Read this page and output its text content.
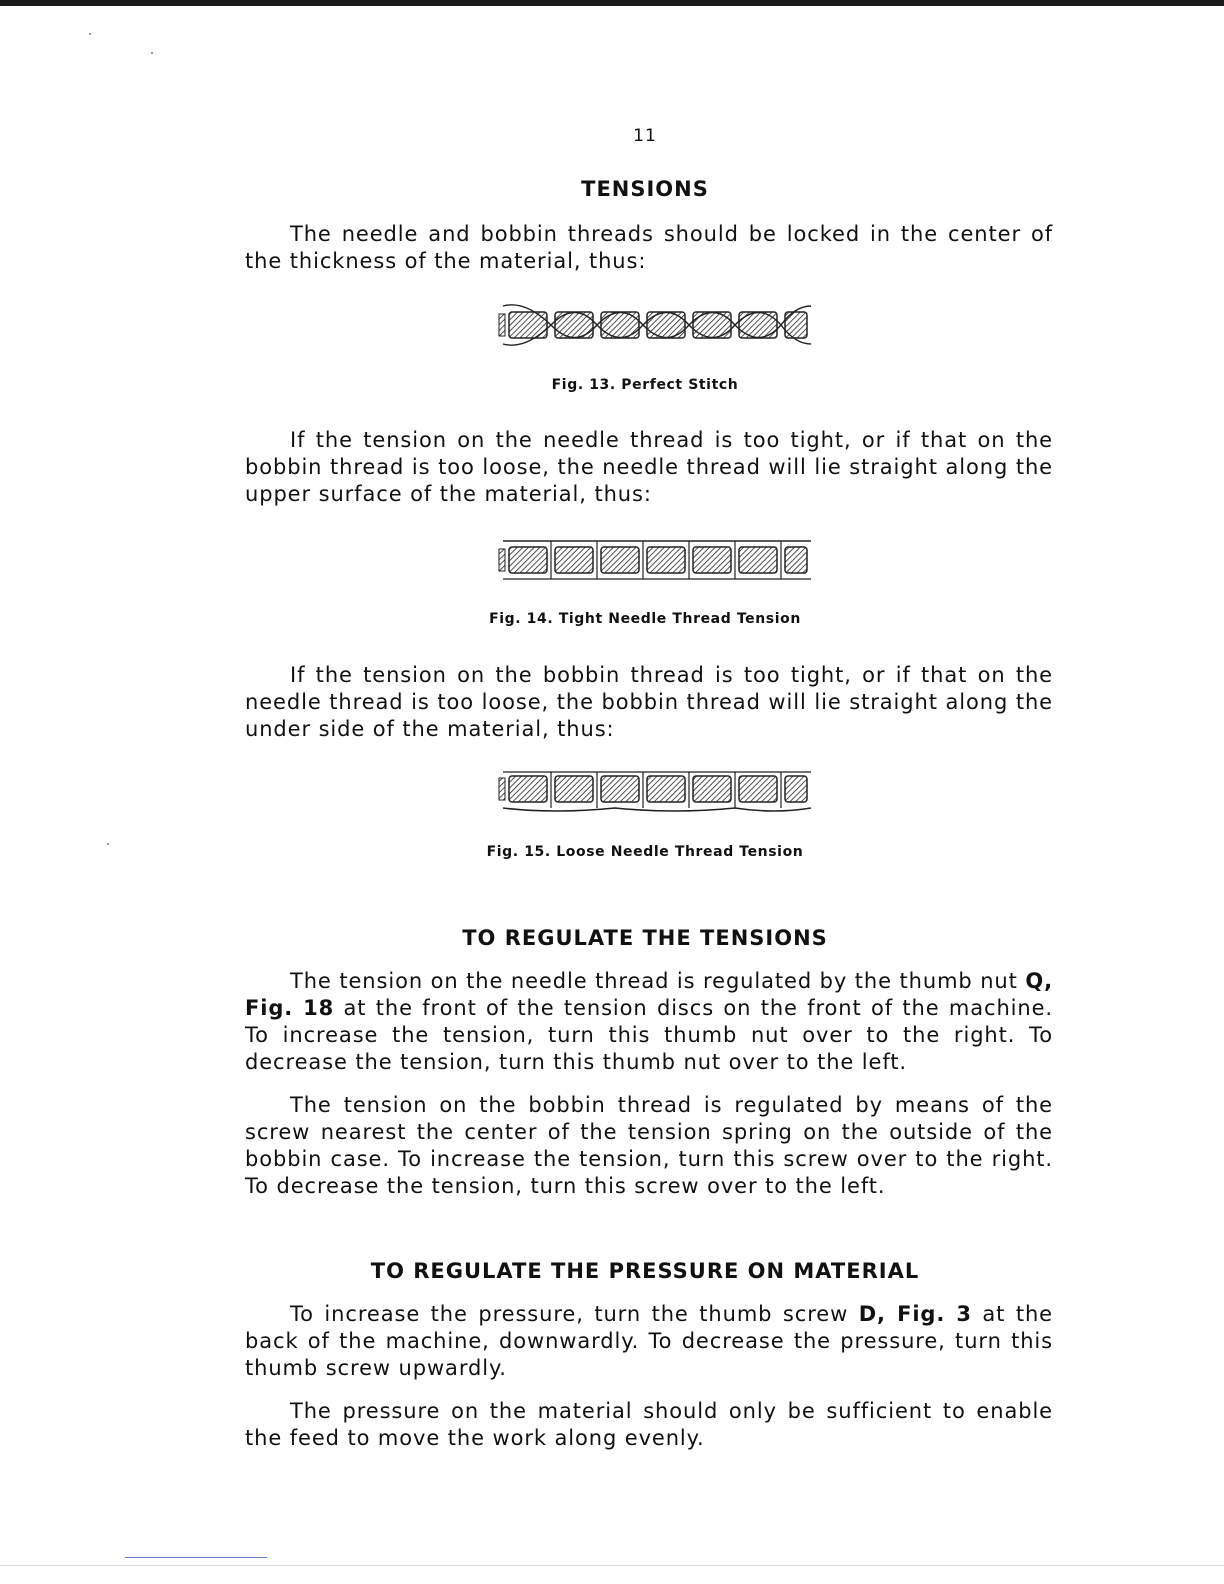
11
TENSIONS

The needle and bobbin threads should be locked in the center of the thickness of the material, thus:

Fig. 13. Perfect Stitch

If the tension on the needle thread is too tight, or if that on the bobbin thread is too loose, the needle thread will lie straight along the upper surface of the material, thus:

Fig. 14. Tight Needle Thread Tension

If the tension on the bobbin thread is too tight, or if that on the needle thread is too loose, the bobbin thread will lie straight along the under side of the material, thus:

Fig. 15. Loose Needle Thread Tension
TO REGULATE THE TENSIONS

The tension on the needle thread is regulated by the thumb nut Q, Fig. 18 at the front of the tension discs on the front of the machine. To increase the tension, turn this thumb nut over to the right. To decrease the tension, turn this thumb nut over to the left.

The tension on the bobbin thread is regulated by means of the screw nearest the center of the tension spring on the outside of the bobbin case. To increase the tension, turn this screw over to the right. To decrease the tension, turn this screw over to the left.

TO REGULATE THE PRESSURE ON MATERIAL

To increase the pressure, turn the thumb screw D, Fig. 3 at the back of the machine, downwardly. To decrease the pressure, turn this thumb screw upwardly.

The pressure on the material should only be sufficient to enable the feed to move the work along evenly.
